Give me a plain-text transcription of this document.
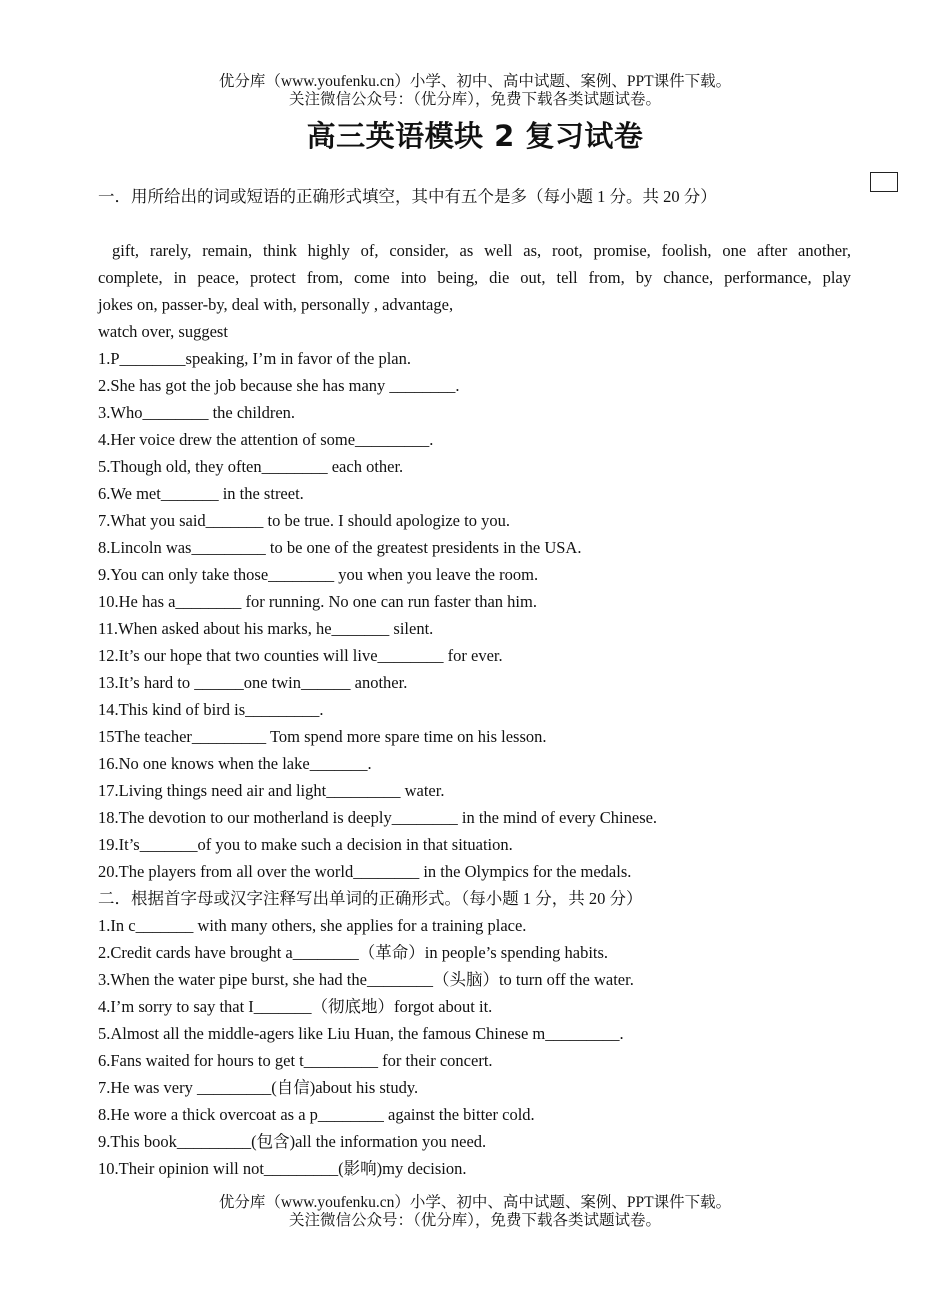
优分库（www.youfenku.cn）小学、初中、高中试题、案例、PPT课件下载。
关注微信公众号：（优分库），免费下载各类试题试卷。
高三英语模块 2 复习试卷

一．用所给出的词或短语的正确形式填空，其中有五个是多（每小题 1 分。共 20 分）

gift, rarely, remain, think highly of, consider, as well as, root, promise, foolish, one after another,

complete, in peace, protect from, come into being, die out, tell from, by chance, performance, play

jokes on, passer-by, deal with, personally , advantage,

watch over, suggest

1.P________speaking, I’m in favor of the plan.

2.She has got the job because she has many ________.

3.Who________ the children.

4.Her voice drew the attention of some_________.

5.Though old, they often________ each other.

6.We met_______ in the street.

7.What you said_______ to be true. I should apologize to you.

8.Lincoln was_________ to be one of the greatest presidents in the USA.

9.You can only take those________ you when you leave the room.

10.He has a________ for running. No one can run faster than him.

11.When asked about his marks, he_______ silent.

12.It’s our hope that two counties will live________ for ever.

13.It’s hard to ______one twin______ another.

14.This kind of bird is_________.

15The teacher_________ Tom spend more spare time on his lesson.

16.No one knows when the lake_______.

17.Living things need air and light_________ water.

18.The devotion to our motherland is deeply________ in the mind of every Chinese.

19.It’s_______of you to make such a decision in that situation.

20.The players from all over the world________ in the Olympics for the medals.

二．根据首字母或汉字注释写出单词的正确形式。（每小题 1 分，共 20 分）

1.In c_______ with many others, she applies for a training place.

2.Credit cards have brought a________（革命）in people’s spending habits.

3.When the water pipe burst, she had the________（头脑）to turn off the water.

4.I’m sorry to say that I_______（彻底地）forgot about it.

5.Almost all the middle-agers like Liu Huan, the famous Chinese m_________.

6.Fans waited for hours to get t_________ for their concert.

7.He was very _________(自信)about his study.

8.He wore a thick overcoat as a p________ against the bitter cold.

9.This book_________(包含)all the information you need.

10.Their opinion will not_________(影响)my decision.

优分库（www.youfenku.cn）小学、初中、高中试题、案例、PPT课件下载。
关注微信公众号：（优分库），免费下载各类试题试卷。
